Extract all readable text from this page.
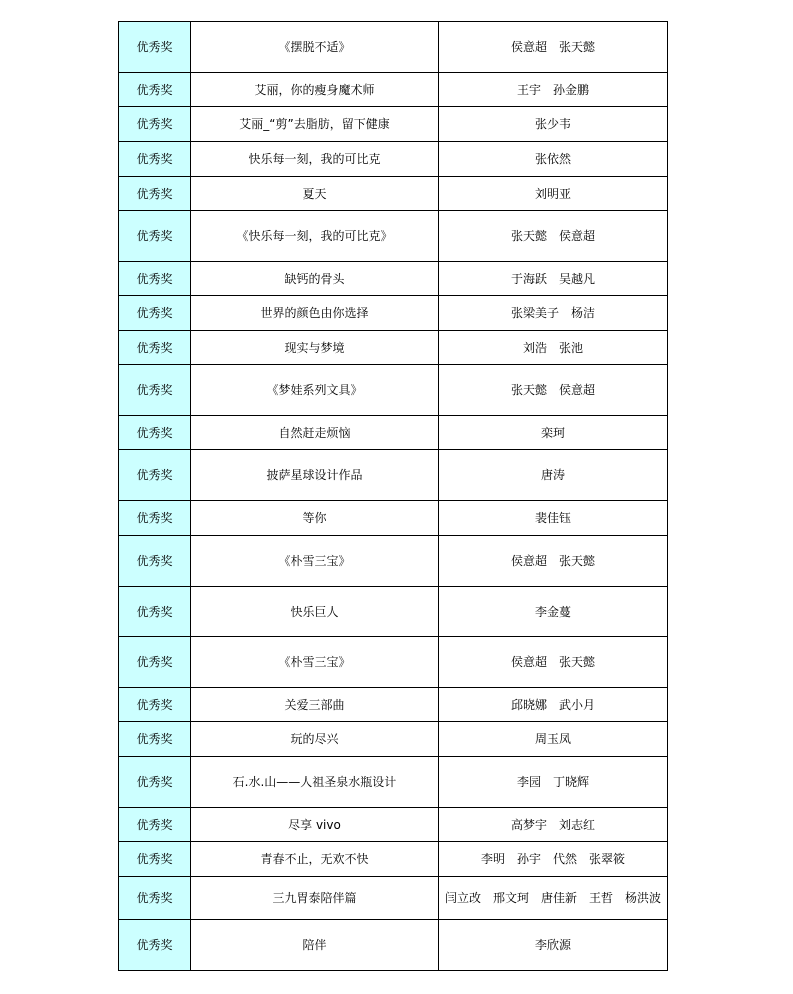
优秀奖	《摆脱不适》	侯意超　张天懿
优秀奖	艾丽，你的瘦身魔术师	王宇　孙金鹏
优秀奖	艾丽_“剪”去脂肪，留下健康	张少韦
优秀奖	快乐每一刻，我的可比克	张依然
优秀奖	夏天	刘明亚
优秀奖	《快乐每一刻，我的可比克》	张天懿　侯意超
优秀奖	缺钙的骨头	于海跃　吴越凡
优秀奖	世界的颜色由你选择	张梁美子　杨洁
优秀奖	现实与梦境	刘浩　张池
优秀奖	《梦娃系列文具》	张天懿　侯意超
优秀奖	自然赶走烦恼	栾珂
优秀奖	披萨星球设计作品	唐涛
优秀奖	等你	裴佳钰
优秀奖	《朴雪三宝》	侯意超　张天懿
优秀奖	快乐巨人	李金蔓
优秀奖	《朴雪三宝》	侯意超　张天懿
优秀奖	关爱三部曲	邱晓娜　武小月
优秀奖	玩的尽兴	周玉凤
优秀奖	石.水.山——人祖圣泉水瓶设计	李园　丁晓辉
优秀奖	尽享 vivo	高梦宇　刘志红
优秀奖	青春不止，无欢不快	李明　孙宇　代然　张翠筱
优秀奖	三九胃泰陪伴篇	闫立改　邢文珂　唐佳新　王哲　杨洪波
优秀奖	陪伴	李欣源
